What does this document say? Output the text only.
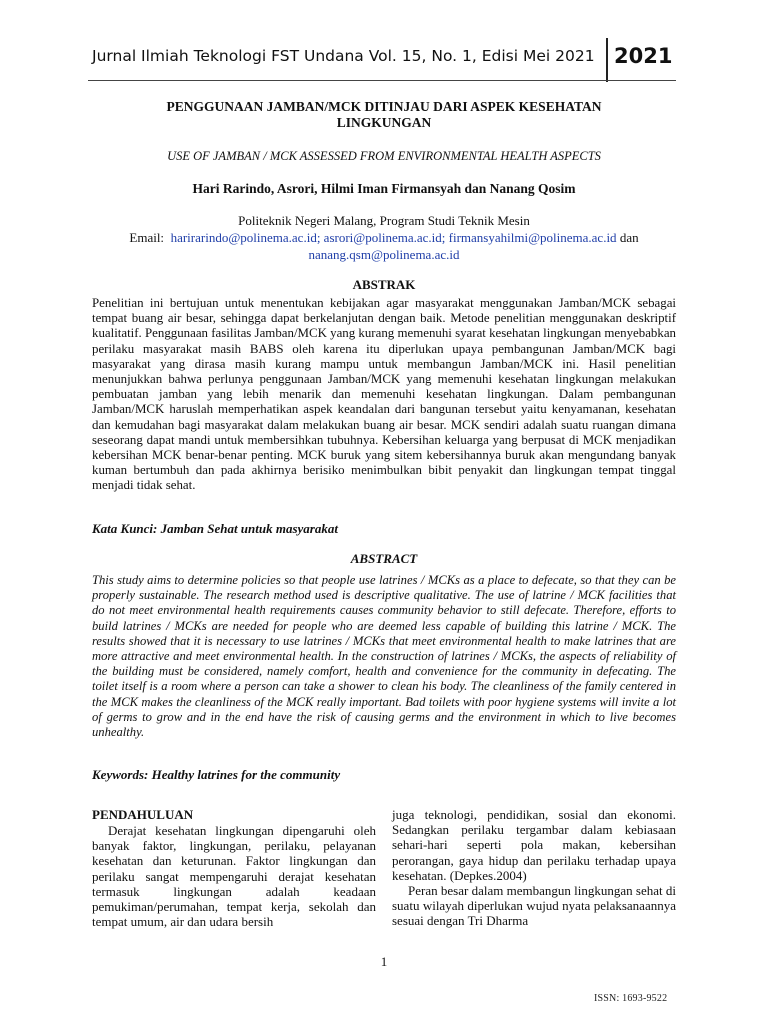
Jurnal Ilmiah Teknologi FST Undana Vol. 15, No. 1, Edisi Mei 2021 2021
PENGGUNAAN JAMBAN/MCK DITINJAU DARI ASPEK KESEHATAN
LINGKUNGAN
USE OF JAMBAN / MCK ASSESSED FROM ENVIRONMENTAL HEALTH ASPECTS
Hari Rarindo, Asrori, Hilmi Iman Firmansyah dan Nanang Qosim
Politeknik Negeri Malang, Program Studi Teknik Mesin
Email: harirarindo@polinema.ac.id; asrori@polinema.ac.id; firmansyahilmi@polinema.ac.id dan
nanang.qsm@polinema.ac.id
ABSTRAK
Penelitian ini bertujuan untuk menentukan kebijakan agar masyarakat menggunakan Jamban/MCK sebagai tempat buang air besar, sehingga dapat berkelanjutan dengan baik. Metode penelitian menggunakan deskriptif kualitatif. Penggunaan fasilitas Jamban/MCK yang kurang memenuhi syarat kesehatan lingkungan menyebabkan perilaku masyarakat masih BABS oleh karena itu diperlukan upaya pembangunan Jamban/MCK bagi masyarakat yang dirasa masih kurang mampu untuk membangun Jamban/MCK ini. Hasil penelitian menunjukkan bahwa perlunya penggunaan Jamban/MCK yang memenuhi kesehatan lingkungan melakukan pembuatan jamban yang lebih menarik dan memenuhi kesehatan lingkungan. Dalam pembangunan Jamban/MCK haruslah memperhatikan aspek keandalan dari bangunan tersebut yaitu kenyamanan, kesehatan dan kemudahan bagi masyarakat dalam melakukan buang air besar. MCK sendiri adalah suatu ruangan dimana seseorang dapat mandi untuk membersihkan tubuhnya. Kebersihan keluarga yang berpusat di MCK menjadikan kebersihan MCK benar-benar penting. MCK buruk yang sitem kebersihannya buruk akan mengundang banyak kuman bertumbuh dan pada akhirnya berisiko menimbulkan bibit penyakit dan lingkungan tempat tinggal menjadi tidak sehat.
Kata Kunci: Jamban Sehat untuk masyarakat
ABSTRACT
This study aims to determine policies so that people use latrines / MCKs as a place to defecate, so that they can be properly sustainable. The research method used is descriptive qualitative. The use of latrine / MCK facilities that do not meet environmental health requirements causes community behavior to still defecate. Therefore, efforts to build latrines / MCKs are needed for people who are deemed less capable of building this latrine / MCK. The results showed that it is necessary to use latrines / MCKs that meet environmental health to make latrines that are more attractive and meet environmental health. In the construction of latrines / MCKs, the aspects of reliability of the building must be considered, namely comfort, health and convenience for the community in defecating. The toilet itself is a room where a person can take a shower to clean his body. The cleanliness of the family centered in the MCK makes the cleanliness of the MCK really important. Bad toilets with poor hygiene systems will invite a lot of germs to grow and in the end have the risk of causing germs and the environment in which to live becomes unhealthy.
Keywords: Healthy latrines for the community
PENDAHULUAN

Derajat kesehatan lingkungan dipengaruhi oleh banyak faktor, lingkungan, perilaku, pelayanan kesehatan dan keturunan. Faktor lingkungan dan perilaku sangat mempengaruhi derajat kesehatan termasuk lingkungan adalah keadaan pemukiman/perumahan, tempat kerja, sekolah dan tempat umum, air dan udara bersih

juga teknologi, pendidikan, sosial dan ekonomi. Sedangkan perilaku tergambar dalam kebiasaan sehari-hari seperti pola makan, kebersihan perorangan, gaya hidup dan perilaku terhadap upaya kesehatan. (Depkes.2004)

Peran besar dalam membangun lingkungan sehat di suatu wilayah diperlukan wujud nyata pelaksanaannya sesuai dengan Tri Dharma

1
ISSN: 1693-9522
